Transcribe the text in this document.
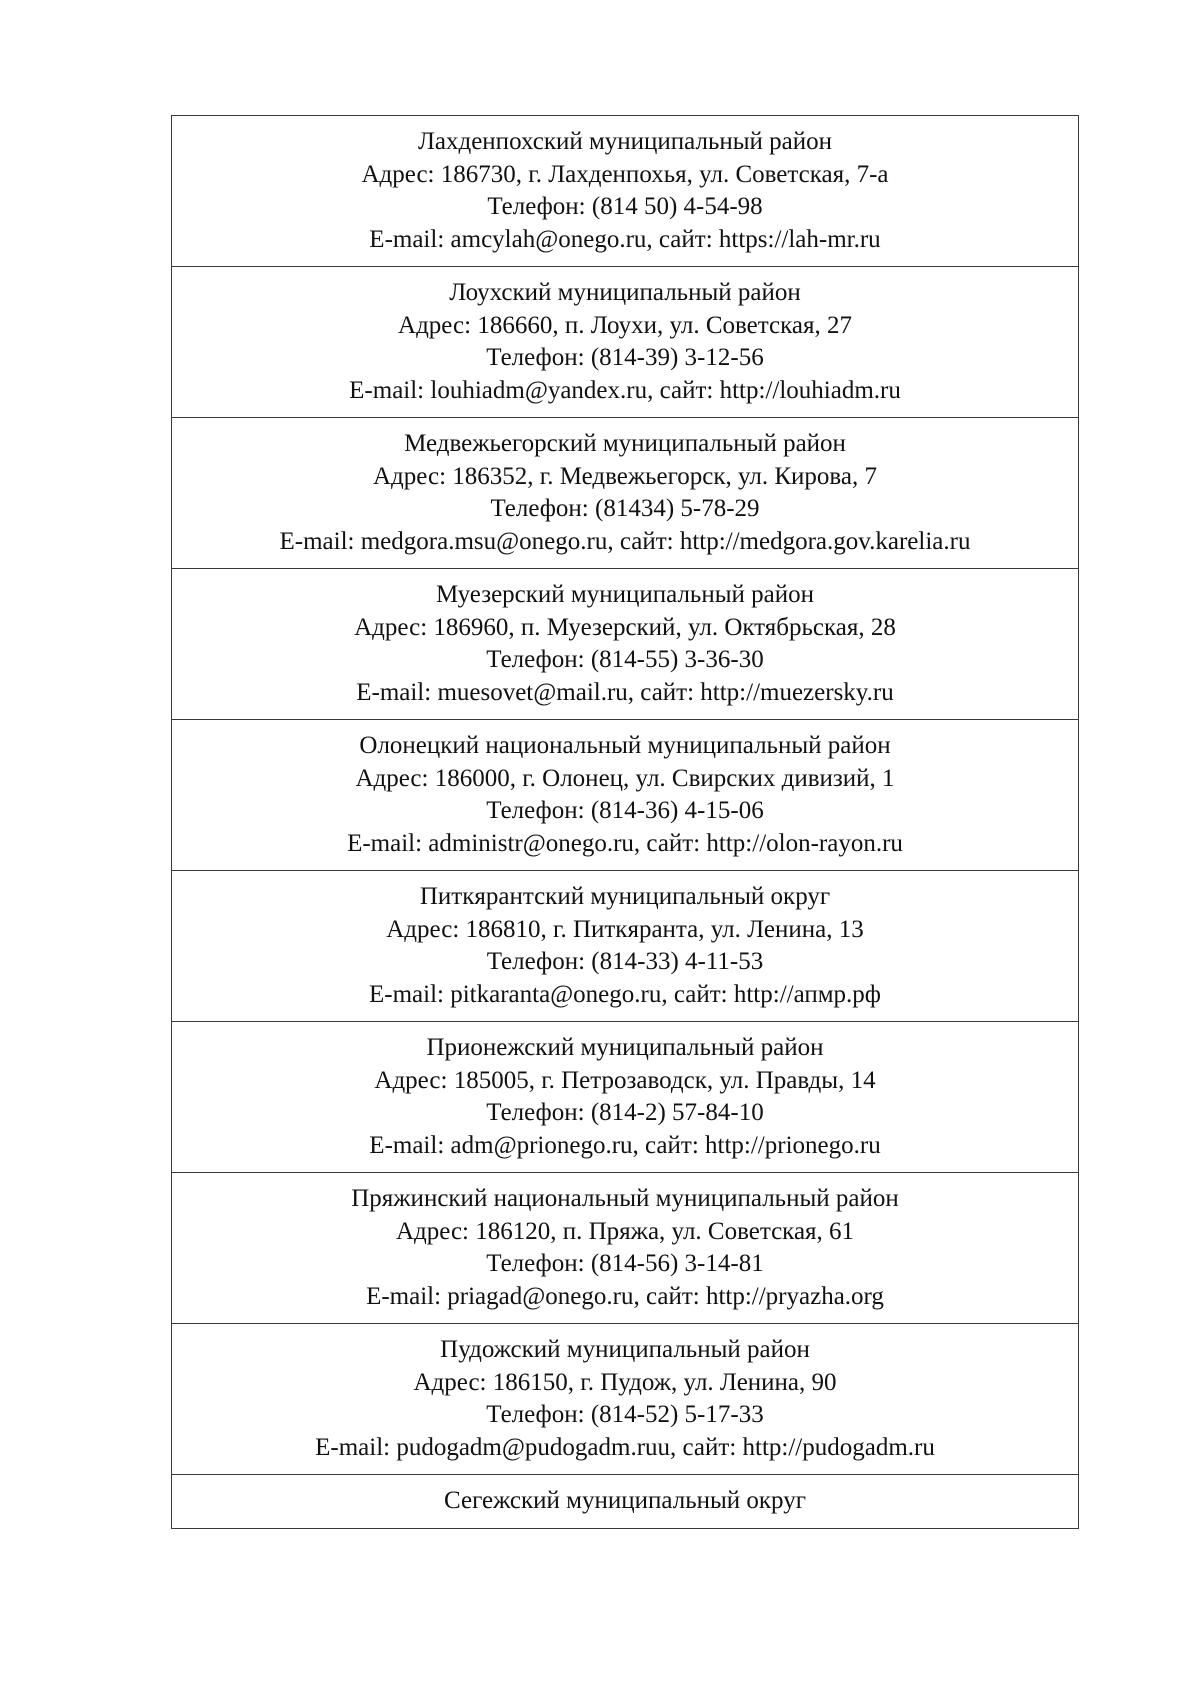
Лахденпохский муниципальный район
Адрес: 186730, г. Лахденпохья, ул. Советская, 7-а
Телефон: (814 50) 4-54-98
E-mail: amcylah@onego.ru, сайт: https://lah-mr.ru

Лоухский муниципальный район
Адрес: 186660, п. Лоухи, ул. Советская, 27
Телефон: (814-39) 3-12-56
E-mail: louhiadm@yandex.ru, сайт: http://louhiadm.ru

Медвежьегорский муниципальный район
Адрес: 186352, г. Медвежьегорск, ул. Кирова, 7
Телефон: (81434) 5-78-29
E-mail: medgora.msu@onego.ru, сайт: http://medgora.gov.karelia.ru

Муезерский муниципальный район
Адрес: 186960, п. Муезерский, ул. Октябрьская, 28
Телефон: (814-55) 3-36-30
E-mail: muesovet@mail.ru, сайт: http://muezersky.ru

Олонецкий национальный муниципальный район
Адрес: 186000, г. Олонец, ул. Свирских дивизий, 1
Телефон: (814-36) 4-15-06
E-mail: administr@onego.ru, сайт: http://olon-rayon.ru

Питкярантский муниципальный округ
Адрес: 186810, г. Питкяранта, ул. Ленина, 13
Телефон: (814-33) 4-11-53
E-mail: pitkaranta@onego.ru, сайт: http://апмр.рф

Прионежский муниципальный район
Адрес: 185005, г. Петрозаводск, ул. Правды, 14
Телефон: (814-2) 57-84-10
E-mail: adm@prionego.ru, сайт: http://prionego.ru

Пряжинский национальный муниципальный район
Адрес: 186120, п. Пряжа, ул. Советская, 61
Телефон: (814-56) 3-14-81
E-mail: priagad@onego.ru, сайт: http://pryazha.org

Пудожский муниципальный район
Адрес: 186150, г. Пудож, ул. Ленина, 90
Телефон: (814-52) 5-17-33
E-mail: pudogadm@pudogadm.ruu, сайт: http://pudogadm.ru

Сегежский муниципальный округ
